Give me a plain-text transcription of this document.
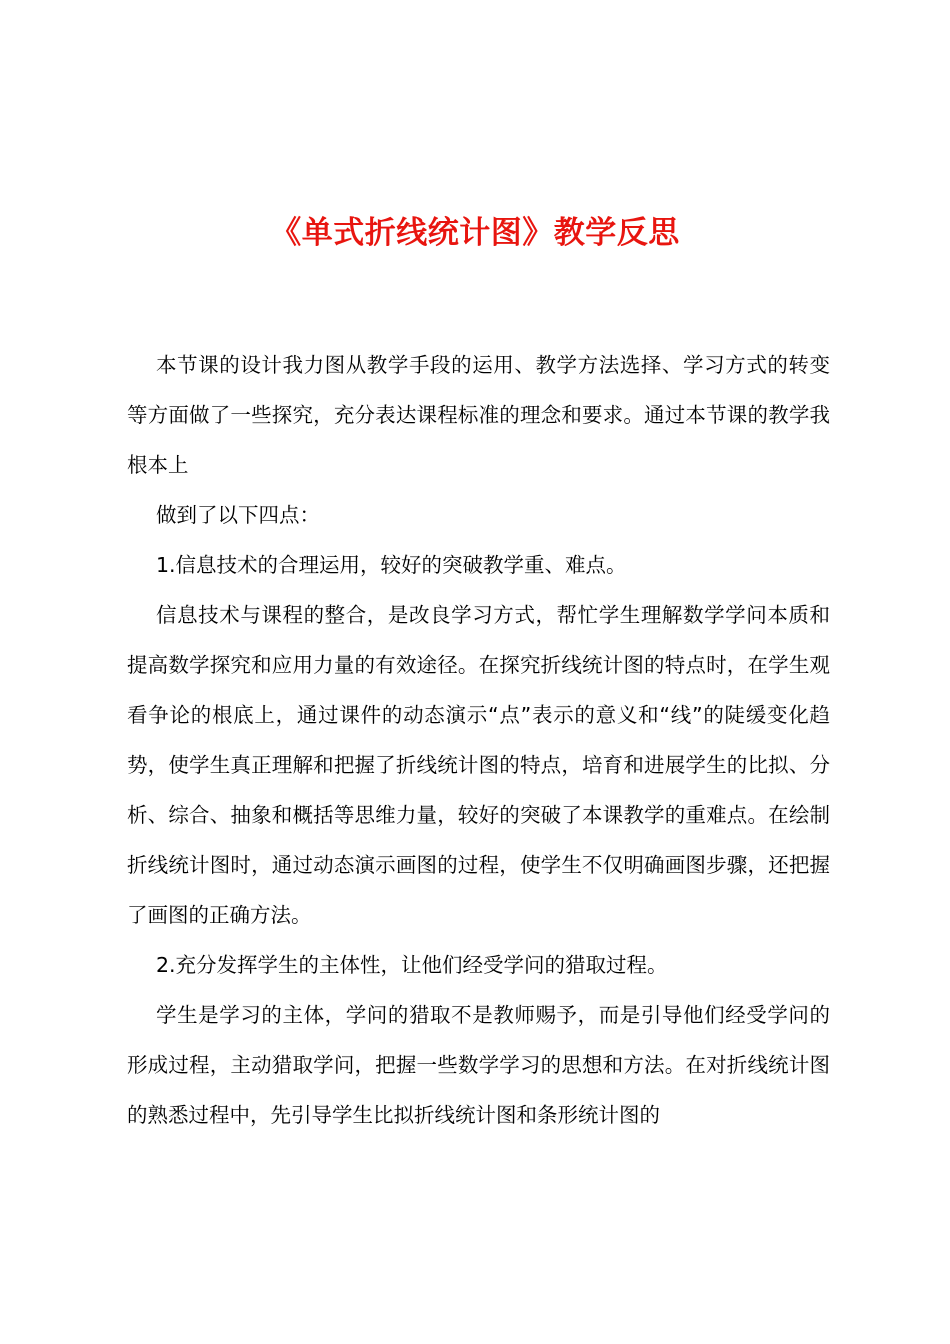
《单式折线统计图》教学反思

本节课的设计我力图从教学手段的运用、教学方法选择、学习方式的转变等方面做了一些探究，充分表达课程标准的理念和要求。通过本节课的教学我根本上

做到了以下四点：

1.信息技术的合理运用，较好的突破教学重、难点。

信息技术与课程的整合，是改良学习方式，帮忙学生理解数学学问本质和提高数学探究和应用力量的有效途径。在探究折线统计图的特点时，在学生观看争论的根底上，通过课件的动态演示“点”表示的意义和“线”的陡缓变化趋势，使学生真正理解和把握了折线统计图的特点，培育和进展学生的比拟、分析、综合、抽象和概括等思维力量，较好的突破了本课教学的重难点。在绘制折线统计图时，通过动态演示画图的过程，使学生不仅明确画图步骤，还把握了画图的正确方法。

2.充分发挥学生的主体性，让他们经受学问的猎取过程。

学生是学习的主体，学问的猎取不是教师赐予，而是引导他们经受学问的形成过程，主动猎取学问，把握一些数学学习的思想和方法。在对折线统计图的熟悉过程中，先引导学生比拟折线统计图和条形统计图的
